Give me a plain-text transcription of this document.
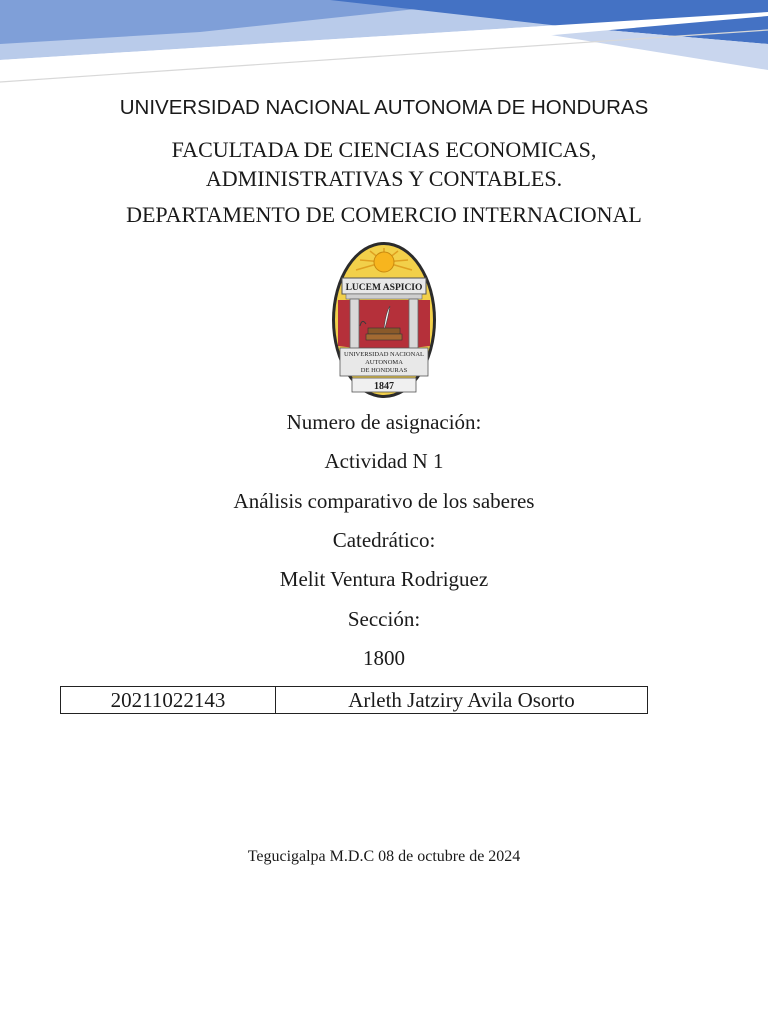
UNIVERSIDAD NACIONAL AUTONOMA DE HONDURAS
FACULTADA DE CIENCIAS ECONOMICAS,
ADMINISTRATIVAS Y CONTABLES.
DEPARTAMENTO DE COMERCIO INTERNACIONAL
LUCEM ASPICIO
UNIVERSIDAD NACIONAL
AUTONOMA
DE HONDURAS
1847
Numero de asignación:
Actividad N 1
Análisis comparativo de los saberes
Catedrático:
Melit Ventura Rodriguez
Sección:
1800
20211022143	Arleth Jatziry Avila Osorto
Tegucigalpa M.D.C 08 de octubre de 2024
